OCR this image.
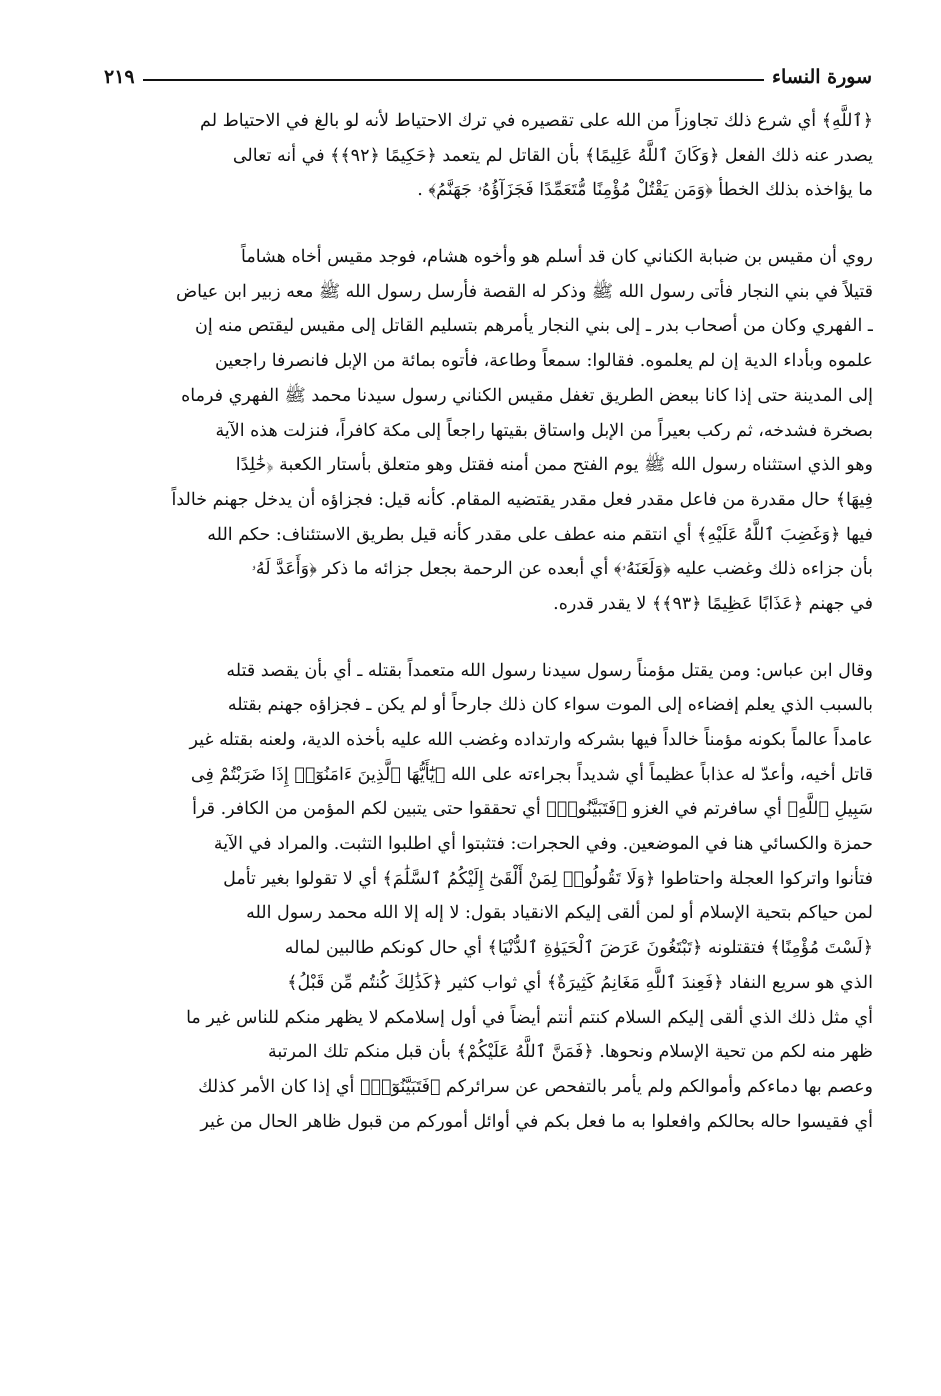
سورة النساء
٢١٩
﴿ٱللَّهِ﴾ أي شرع ذلك تجاوزاً من الله على تقصيره في ترك الاحتياط لأنه لو بالغ في الاحتياط لم
يصدر عنه ذلك الفعل ﴿وَكَانَ ٱللَّهُ عَلِيمًا﴾ بأن القاتل لم يتعمد ﴿حَكِيمًا ﴿٩٢﴾﴾ في أنه تعالى
ما يؤاخذه بذلك الخطأ ﴿وَمَن يَقْتُلْ مُؤْمِنًا مُّتَعَمِّدًا فَجَزَآؤُهُۥ جَهَنَّمُ﴾ .
روي أن مقيس بن ضبابة الكناني كان قد أسلم هو وأخوه هشام، فوجد مقيس أخاه هشاماً
قتيلاً في بني النجار فأتى رسول الله ﷺ وذكر له القصة فأرسل رسول الله ﷺ معه زبير ابن عياض
ـ الفهري وكان من أصحاب بدر ـ إلى بني النجار يأمرهم بتسليم القاتل إلى مقيس ليقتص منه إن
علموه وبأداء الدية إن لم يعلموه. فقالوا: سمعاً وطاعة، فأتوه بمائة من الإبل فانصرفا راجعين
إلى المدينة حتى إذا كانا ببعض الطريق تغفل مقيس الكناني رسول سيدنا محمد ﷺ الفهري فرماه
بصخرة فشدخه، ثم ركب بعيراً من الإبل واستاق بقيتها راجعاً إلى مكة كافراً، فنزلت هذه الآية
وهو الذي استثناه رسول الله ﷺ يوم الفتح ممن أمنه فقتل وهو متعلق بأستار الكعبة ﴿خَٰلِدًا
فِيهَا﴾ حال مقدرة من فاعل مقدر فعل مقدر يقتضيه المقام. كأنه قيل: فجزاؤه أن يدخل جهنم خالداً
فيها ﴿وَغَضِبَ ٱللَّهُ عَلَيْهِ﴾ أي انتقم منه عطف على مقدر كأنه قيل بطريق الاستئناف: حكم الله
بأن جزاءه ذلك وغضب عليه ﴿وَلَعَنَهُۥ﴾ أي أبعده عن الرحمة بجعل جزائه ما ذكر ﴿وَأَعَدَّ لَهُۥ
في جهنم ﴿عَذَابًا عَظِيمًا ﴿٩٣﴾﴾ لا يقدر قدره.
وقال ابن عباس: ومن يقتل مؤمناً رسول سيدنا رسول الله متعمداً بقتله ـ أي بأن يقصد قتله
بالسبب الذي يعلم إفضاءه إلى الموت سواء كان ذلك جارحاً أو لم يكن ـ فجزاؤه جهنم بقتله
عامداً عالماً بكونه مؤمناً خالداً فيها بشركه وارتداده وغضب الله عليه بأخذه الدية، ولعنه بقتله غير
قاتل أخيه، وأعدّ له عذاباً عظيماً أي شديداً بجراءته على الله ﴿يَٰٓأَيُّهَا ٱلَّذِينَ ءَامَنُوٓا۟ إِذَا ضَرَبْتُمْ فِى
سَبِيلِ ٱللَّهِ﴾ أي سافرتم في الغزو ﴿فَتَبَيَّنُوا۟﴾ أي تحققوا حتى يتبين لكم المؤمن من الكافر. قرأ
حمزة والكسائي هنا في الموضعين. وفي الحجرات: فتثبتوا أي اطلبوا التثبت. والمراد في الآية
فتأنوا واتركوا العجلة واحتاطوا ﴿وَلَا تَقُولُوا۟ لِمَنْ أَلْقَىٰٓ إِلَيْكُمُ ٱلسَّلَٰمَ﴾ أي لا تقولوا بغير تأمل
لمن حياكم بتحية الإسلام أو لمن ألقى إليكم الانقياد بقول: لا إله إلا الله محمد رسول الله
﴿لَسْتَ مُؤْمِنًا﴾ فتقتلونه ﴿تَبْتَغُونَ عَرَضَ ٱلْحَيَوٰةِ ٱلدُّنْيَا﴾ أي حال كونكم طالبين لماله
الذي هو سريع النفاد ﴿فَعِندَ ٱللَّهِ مَغَانِمُ كَثِيرَةٌ﴾ أي ثواب كثير ﴿كَذَٰلِكَ كُنتُم مِّن قَبْلُ﴾
أي مثل ذلك الذي ألقى إليكم السلام كنتم أنتم أيضاً في أول إسلامكم لا يظهر منكم للناس غير ما
ظهر منه لكم من تحية الإسلام ونحوها. ﴿فَمَنَّ ٱللَّهُ عَلَيْكُمْ﴾ بأن قبل منكم تلك المرتبة
وعصم بها دماءكم وأموالكم ولم يأمر بالتفحص عن سرائركم ﴿فَتَبَيَّنُوٓا۟﴾ أي إذا كان الأمر كذلك
أي فقيسوا حاله بحالكم وافعلوا به ما فعل بكم في أوائل أموركم من قبول ظاهر الحال من غير
